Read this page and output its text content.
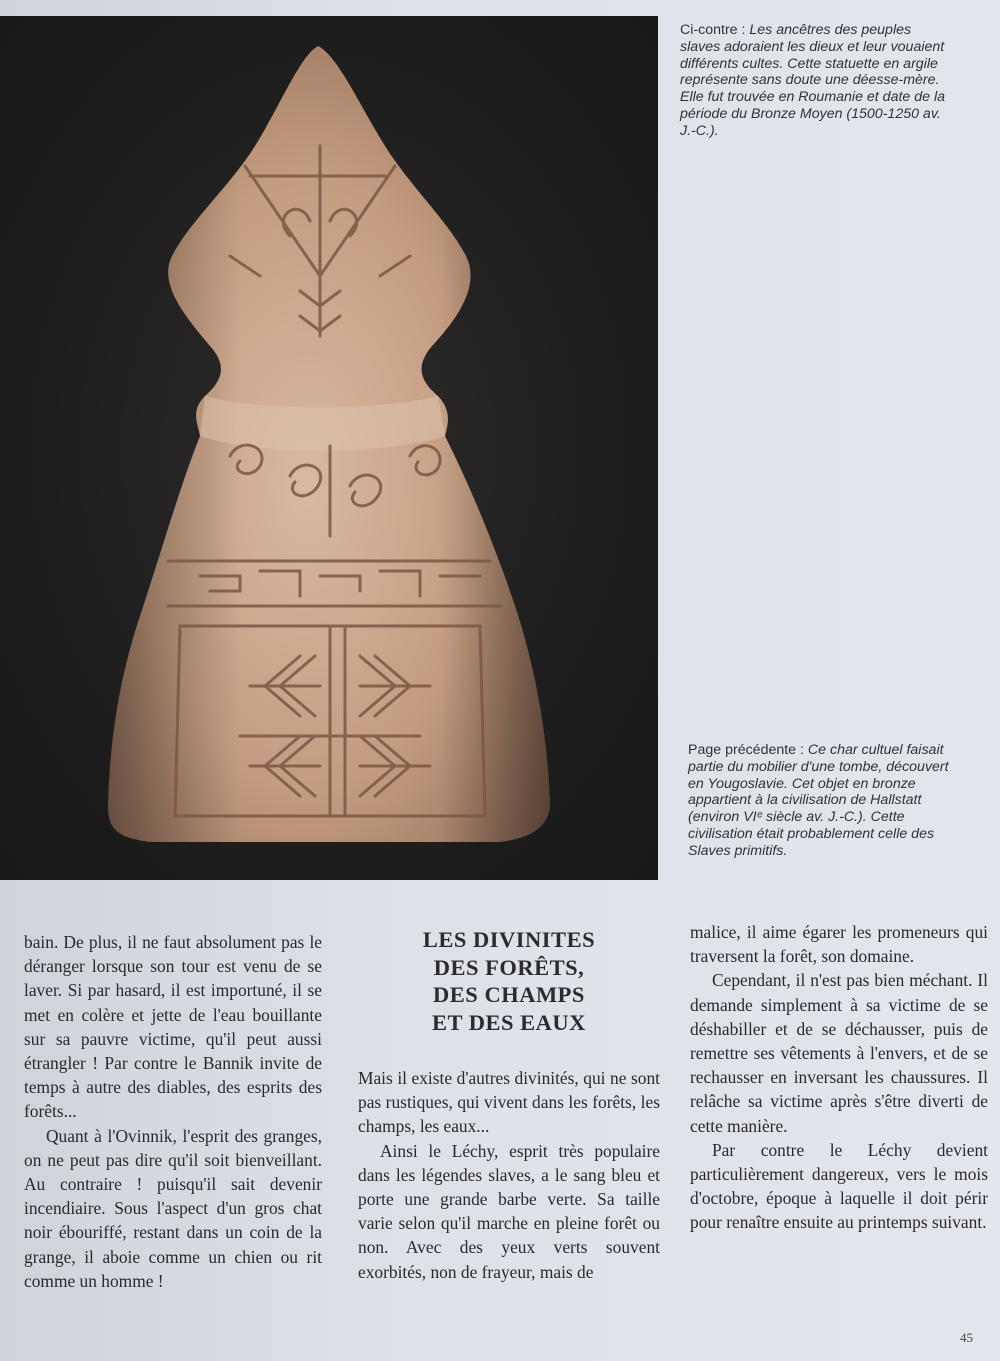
Ci-contre : Les ancêtres des peuples slaves adoraient les dieux et leur vouaient différents cultes. Cette statuette en argile représente sans doute une déesse-mère. Elle fut trouvée en Roumanie et date de la période du Bronze Moyen (1500-1250 av. J.-C.).
Page précédente : Ce char cultuel faisait partie du mobilier d'une tombe, découvert en Yougoslavie. Cet objet en bronze appartient à la civilisation de Hallstatt (environ VIᵉ siècle av. J.-C.). Cette civilisation était probablement celle des Slaves primitifs.

bain. De plus, il ne faut absolument pas le déranger lorsque son tour est venu de se laver. Si par hasard, il est importuné, il se met en colère et jette de l'eau bouillante sur sa pauvre victime, qu'il peut aussi étrangler ! Par contre le Bannik invite de temps à autre des diables, des esprits des forêts...

Quant à l'Ovinnik, l'esprit des granges, on ne peut pas dire qu'il soit bienveillant. Au contraire ! puisqu'il sait devenir incendiaire. Sous l'aspect d'un gros chat noir ébouriffé, restant dans un coin de la grange, il aboie comme un chien ou rit comme un homme !

LES DIVINITES
DES FORÊTS,
DES CHAMPS
ET DES EAUX

Mais il existe d'autres divinités, qui ne sont pas rustiques, qui vivent dans les forêts, les champs, les eaux...

Ainsi le Léchy, esprit très populaire dans les légendes slaves, a le sang bleu et porte une grande barbe verte. Sa taille varie selon qu'il marche en pleine forêt ou non. Avec des yeux verts souvent exorbités, non de frayeur, mais de

malice, il aime égarer les promeneurs qui traversent la forêt, son domaine.

Cependant, il n'est pas bien méchant. Il demande simplement à sa victime de se déshabiller et de se déchausser, puis de remettre ses vêtements à l'envers, et de se rechausser en inversant les chaussures. Il relâche sa victime après s'être diverti de cette manière.

Par contre le Léchy devient particulièrement dangereux, vers le mois d'octobre, époque à laquelle il doit périr pour renaître ensuite au printemps suivant.

45
